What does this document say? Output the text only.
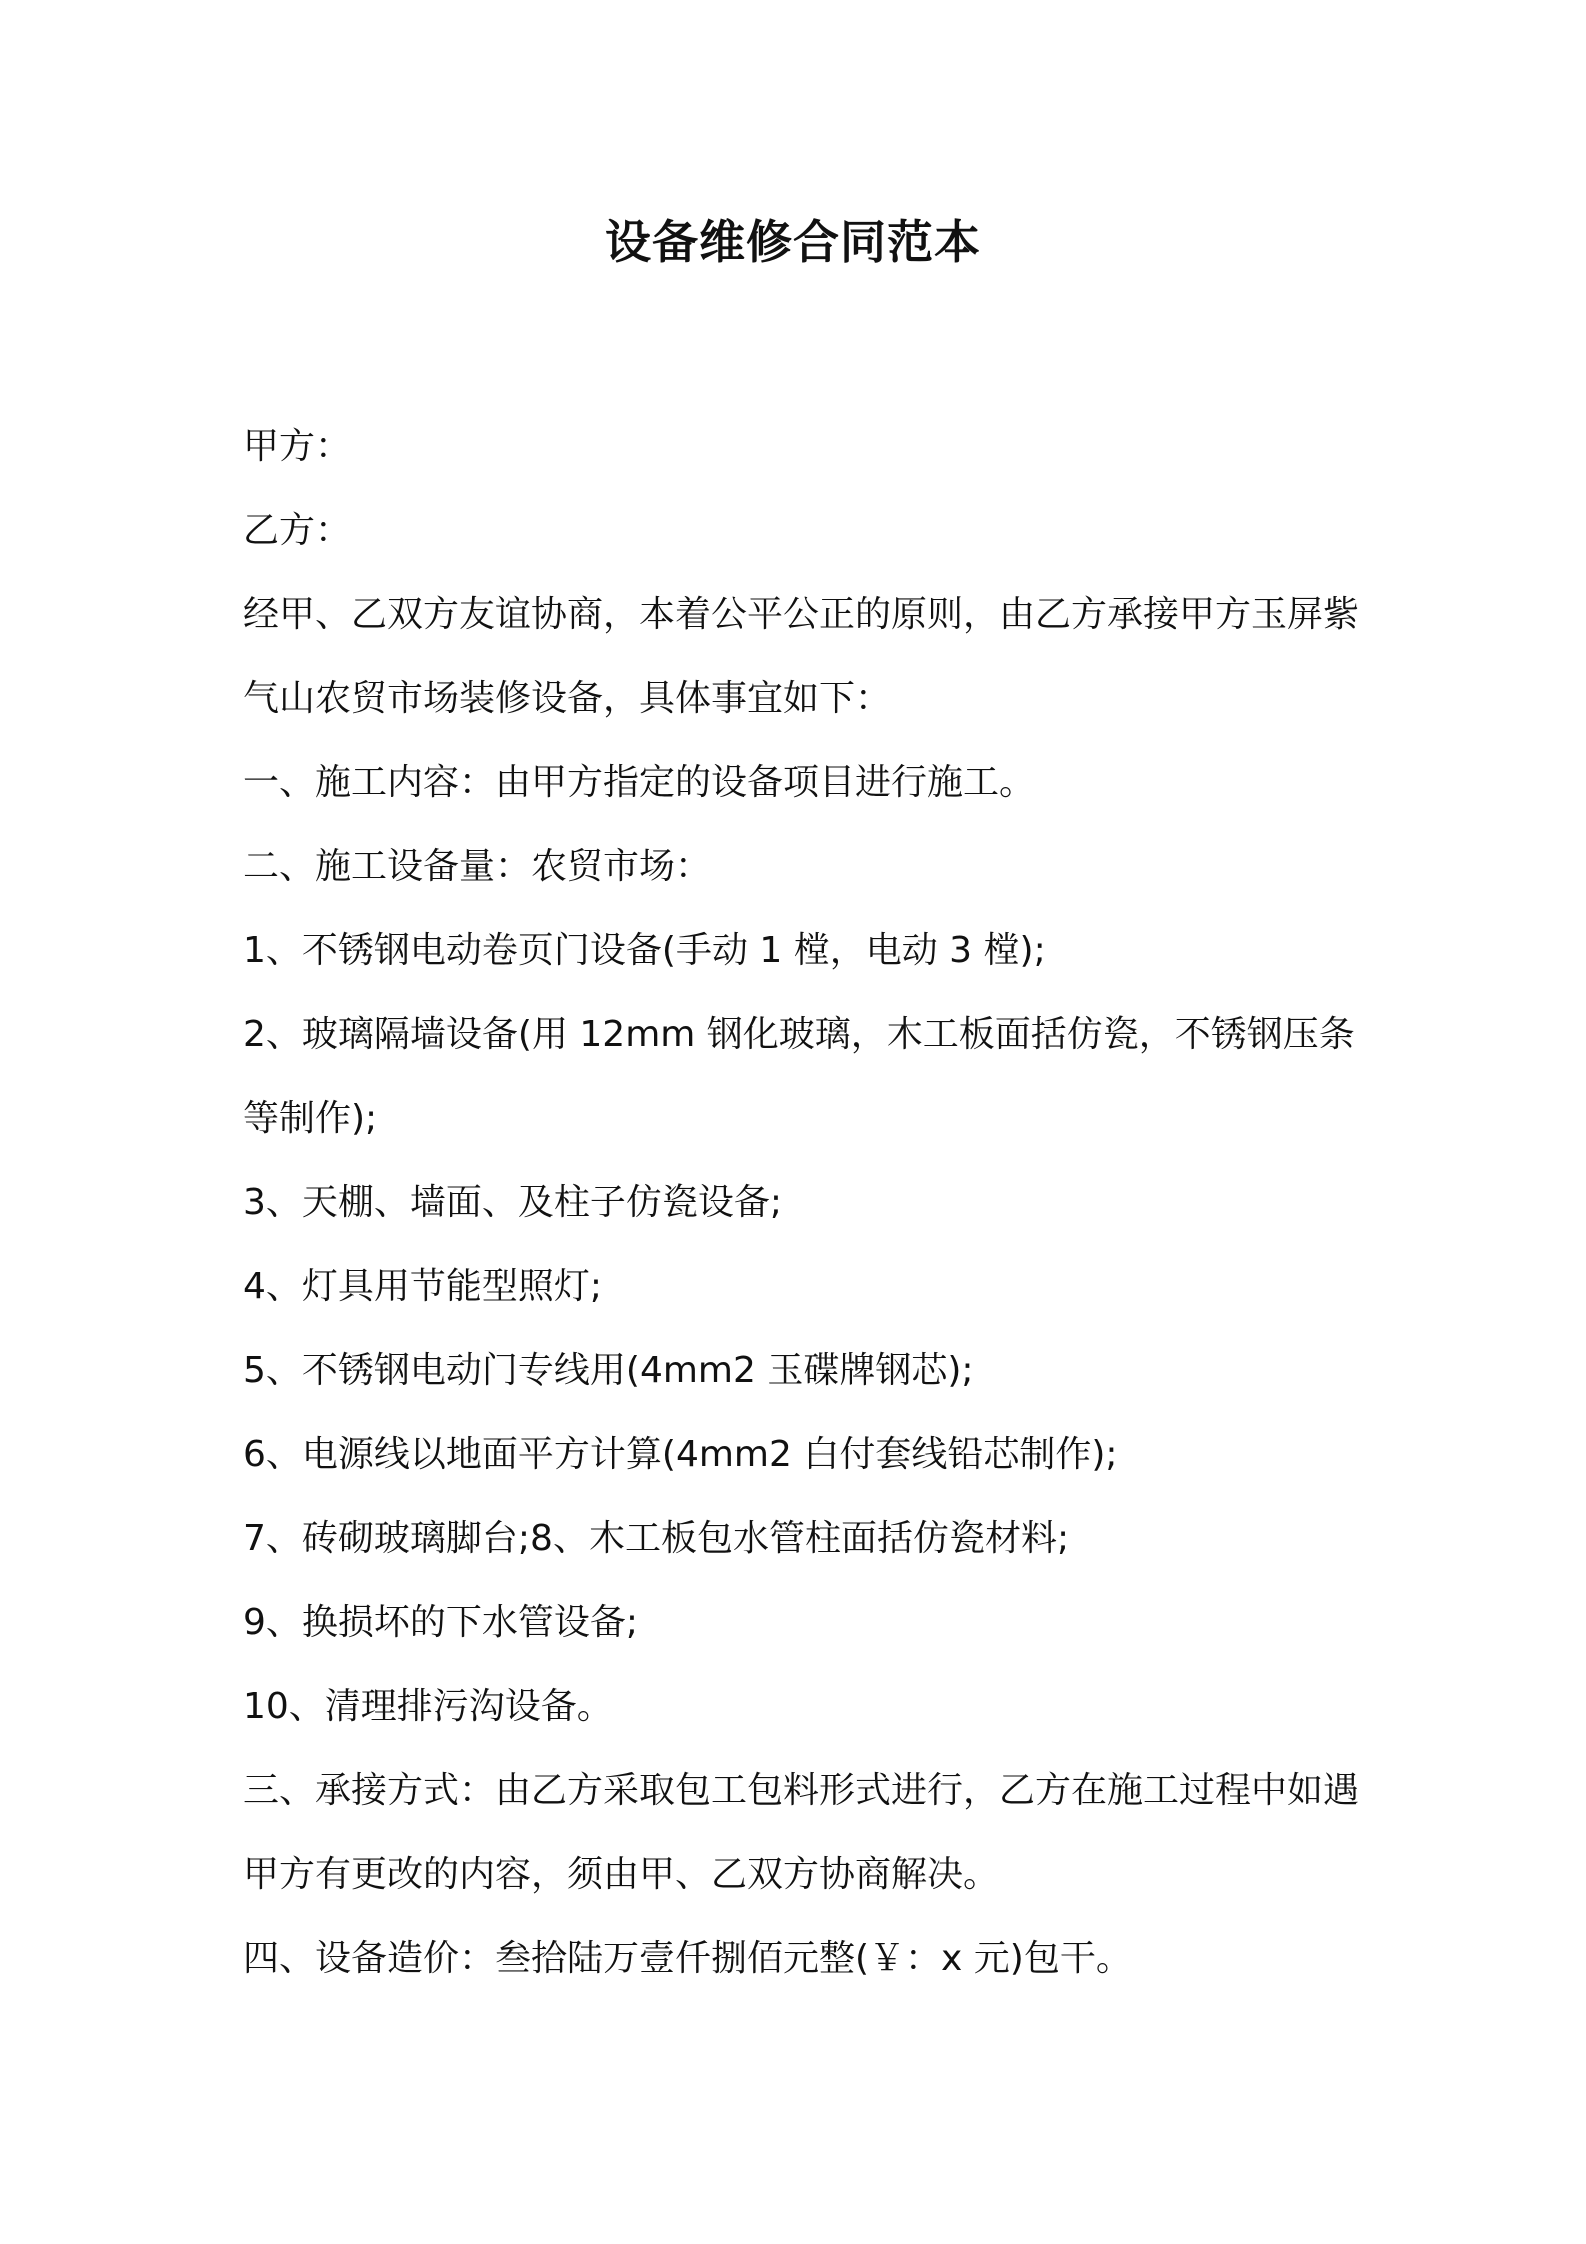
设备维修合同范本

甲方：

乙方：

经甲、乙双方友谊协商，本着公平公正的原则，由乙方承接甲方玉屏紫气山农贸市场装修设备，具体事宜如下：

一、施工内容：由甲方指定的设备项目进行施工。

二、施工设备量：农贸市场：

1、不锈钢电动卷页门设备(手动 1 樘，电动 3 樘);

2、玻璃隔墙设备(用 12mm 钢化玻璃，木工板面括仿瓷，不锈钢压条等制作);

3、天棚、墙面、及柱子仿瓷设备;

4、灯具用节能型照灯;

5、不锈钢电动门专线用(4mm2 玉碟牌钢芯);

6、电源线以地面平方计算(4mm2 白付套线铅芯制作);

7、砖砌玻璃脚台;8、木工板包水管柱面括仿瓷材料;

9、换损坏的下水管设备;

10、清理排污沟设备。

三、承接方式：由乙方采取包工包料形式进行，乙方在施工过程中如遇甲方有更改的内容，须由甲、乙双方协商解决。

四、设备造价：叁拾陆万壹仟捌佰元整(￥：x 元)包干。
